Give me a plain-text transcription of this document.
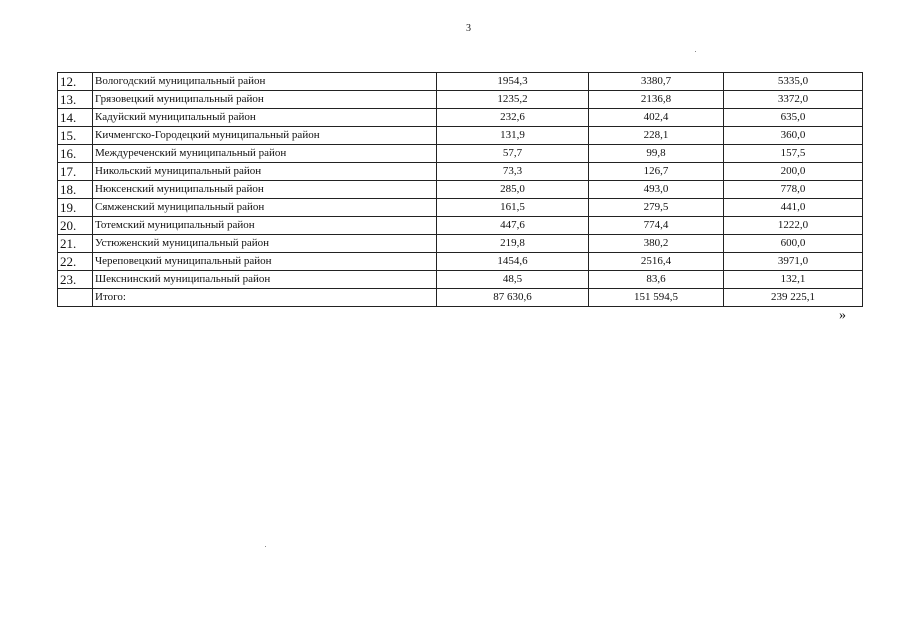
3
12.	Вологодский муниципальный район	1954,3	3380,7	5335,0
13.	Грязовецкий муниципальный район	1235,2	2136,8	3372,0
14.	Кадуйский муниципальный район	232,6	402,4	635,0
15.	Кичменгско-Городецкий муниципальный район	131,9	228,1	360,0
16.	Междуреченский муниципальный район	57,7	99,8	157,5
17.	Никольский муниципальный район	73,3	126,7	200,0
18.	Нюксенский муниципальный район	285,0	493,0	778,0
19.	Сямженский муниципальный район	161,5	279,5	441,0
20.	Тотемский муниципальный район	447,6	774,4	1222,0
21.	Устюженский муниципальный район	219,8	380,2	600,0
22.	Череповецкий муниципальный район	1454,6	2516,4	3971,0
23.	Шекснинский муниципальный район	48,5	83,6	132,1
	Итого:	87 630,6	151 594,5	239 225,1
»
